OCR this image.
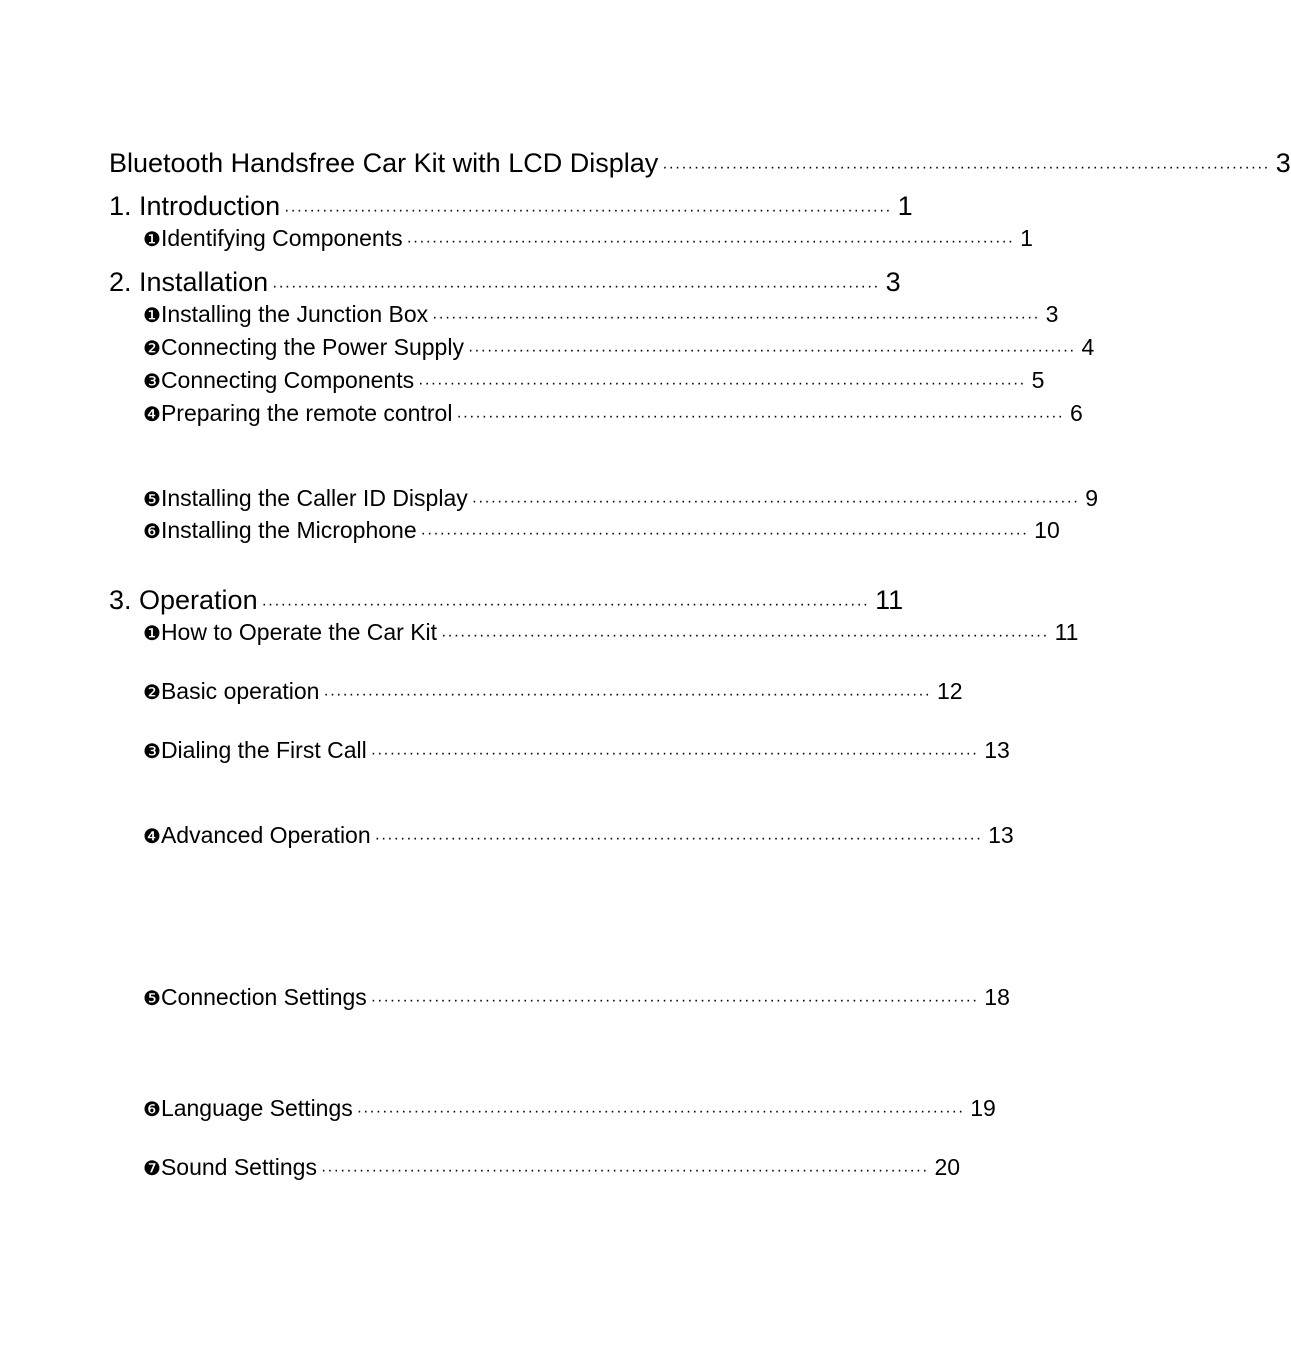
Bluetooth Handsfree Car Kit with LCD Display ································································································ 3
1. Introduction ································································································ 1
❶ Identifying Components ································································································ 1
2. Installation ································································································ 3
❶ Installing the Junction Box ································································································ 3
❷ Connecting the Power Supply ································································································ 4
❸ Connecting Components ································································································ 5
❹ Preparing the remote control ································································································ 6
❺ Installing the Caller ID Display ································································································ 9
❻ Installing the Microphone ································································································ 10
3. Operation ································································································ 11
❶ How to Operate the Car Kit ································································································ 11
❷ Basic operation ································································································ 12
❸ Dialing the First Call ································································································ 13
❹ Advanced Operation ································································································ 13
❺ Connection Settings ································································································ 18
❻ Language Settings ································································································ 19
❼ Sound Settings ································································································ 20
